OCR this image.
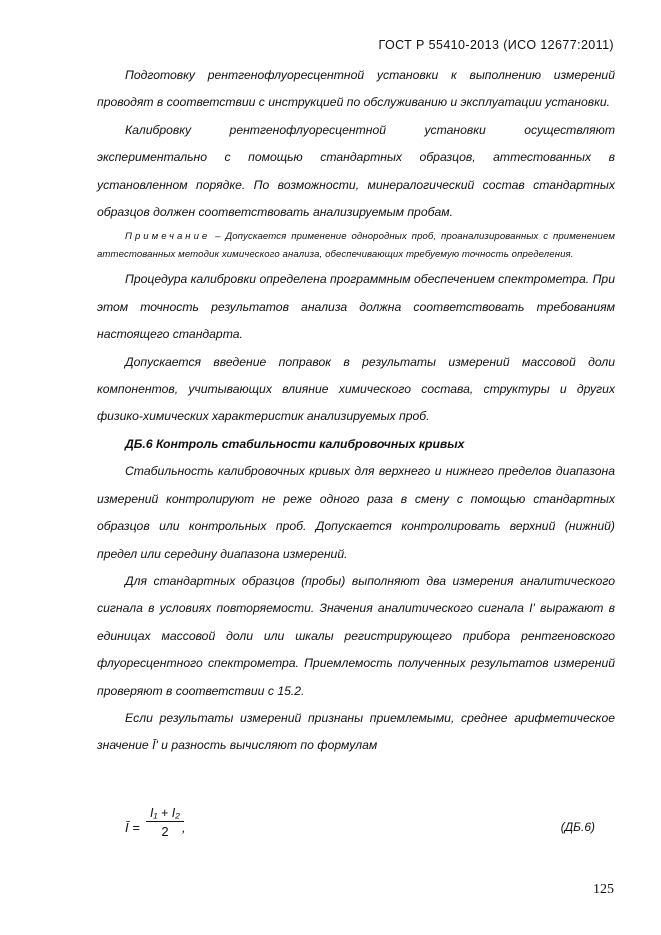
ГОСТ Р 55410-2013 (ИСО 12677:2011)

Подготовку рентгенофлуоресцентной установки к выполнению измерений проводят в соответствии с инструкцией по обслуживанию и эксплуатации установки.

Калибровку рентгенофлуоресцентной установки осуществляют экспериментально с помощью стандартных образцов, аттестованных в установленном порядке. По возможности, минералогический состав стандартных образцов должен соответствовать анализируемым пробам.

Примечание – Допускается применение однородных проб, проанализированных с применением аттестованных методик химического анализа, обеспечивающих требуемую точность определения.

Процедура калибровки определена программным обеспечением спектрометра. При этом точность результатов анализа должна соответствовать требованиям настоящего стандарта.

Допускается введение поправок в результаты измерений массовой доли компонентов, учитывающих влияние химического состава, структуры и других физико-химических характеристик анализируемых проб.

ДБ.6 Контроль стабильности калибровочных кривых

Стабильность калибровочных кривых для верхнего и нижнего пределов диапазона измерений контролируют не реже одного раза в смену с помощью стандартных образцов или контрольных проб. Допускается контролировать верхний (нижний) предел или середину диапазона измерений.

Для стандартных образцов (пробы) выполняют два измерения аналитического сигнала в условиях повторяемости. Значения аналитического сигнала I' выражают в единицах массовой доли или шкалы регистрирующего прибора рентгеновского флуоресцентного спектрометра. Приемлемость полученных результатов измерений проверяют в соответствии с 15.2.

Если результаты измерений признаны приемлемыми, среднее арифметическое значение Ī' и разность вычисляют по формулам

Ī =
I₁ + I₂
2	,	(ДБ.6)
125
